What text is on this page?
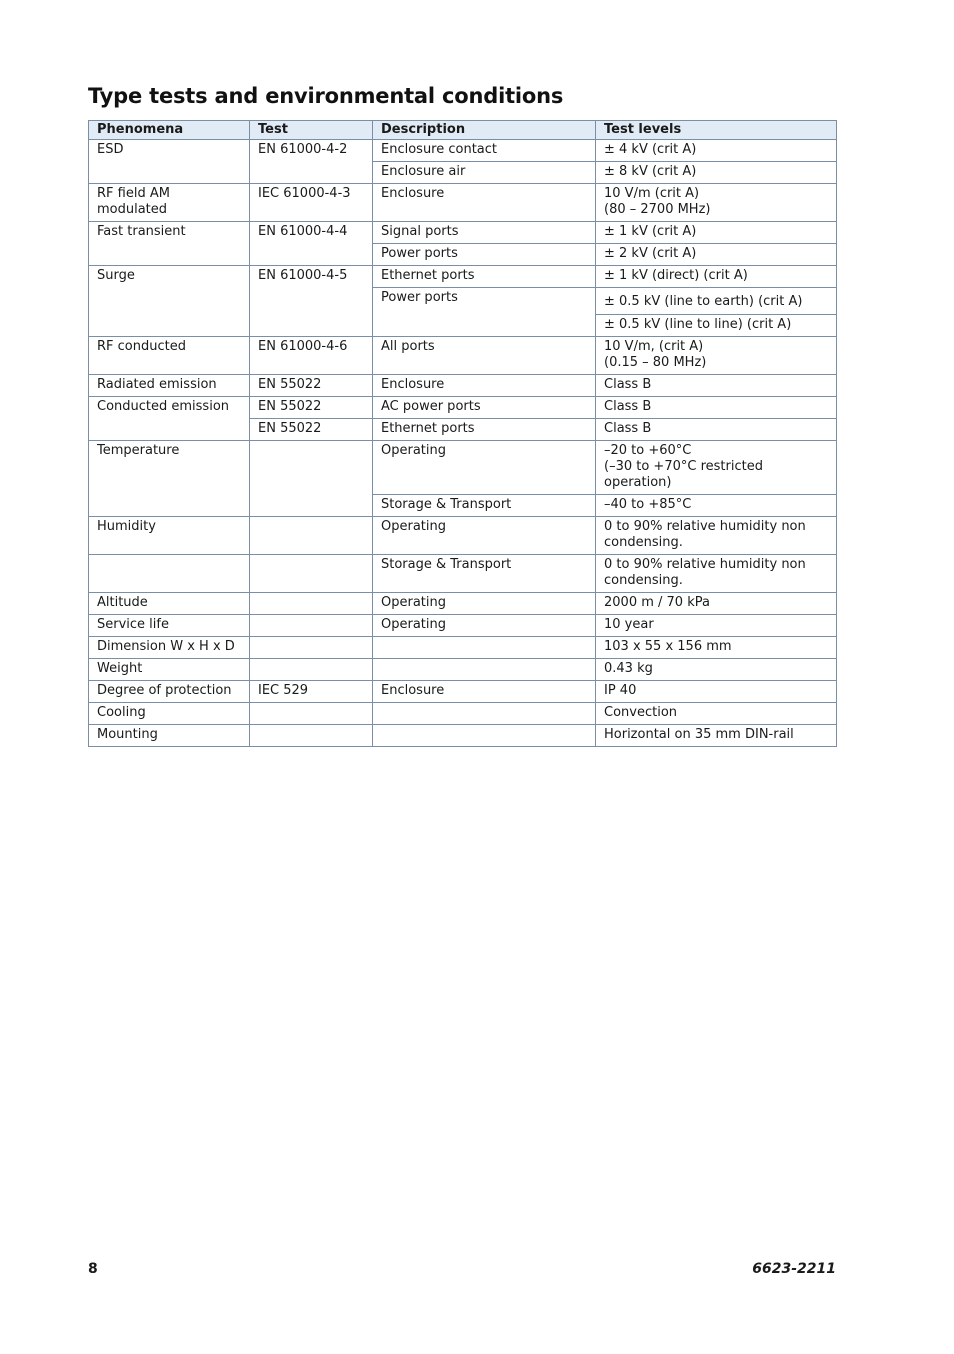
Type tests and environmental conditions
Phenomena	Test	Description	Test levels
ESD	EN 61000-4-2	Enclosure contact	± 4 kV (crit A)
		Enclosure air	± 8 kV (crit A)
RF field AM modulated	IEC 61000-4-3	Enclosure	10 V/m (crit A)
(80 – 2700 MHz)
Fast transient	EN 61000-4-4	Signal ports	± 1 kV (crit A)
		Power ports	± 2 kV (crit A)
Surge	EN 61000-4-5	Ethernet ports	± 1 kV (direct) (crit A)
		Power ports	± 0.5 kV (line to earth) (crit A)
			± 0.5 kV (line to line) (crit A)
RF conducted	EN 61000-4-6	All ports	10 V/m, (crit A)
(0.15 – 80 MHz)
Radiated emission	EN 55022	Enclosure	Class B
Conducted emission	EN 55022	AC power ports	Class B
	EN 55022	Ethernet ports	Class B
Temperature		Operating	–20 to +60°C
(–30 to +70°C restricted operation)
		Storage & Transport	–40 to +85°C
Humidity		Operating	0 to 90% relative humidity non
condensing.
		Storage & Transport	0 to 90% relative humidity non
condensing.
Altitude		Operating	2000 m / 70 kPa
Service life		Operating	10 year
Dimension W x H x D			103 x 55 x 156 mm
Weight			0.43 kg
Degree of protection	IEC 529	Enclosure	IP 40
Cooling			Convection
Mounting			Horizontal on 35 mm DIN-rail
8	6623-2211
